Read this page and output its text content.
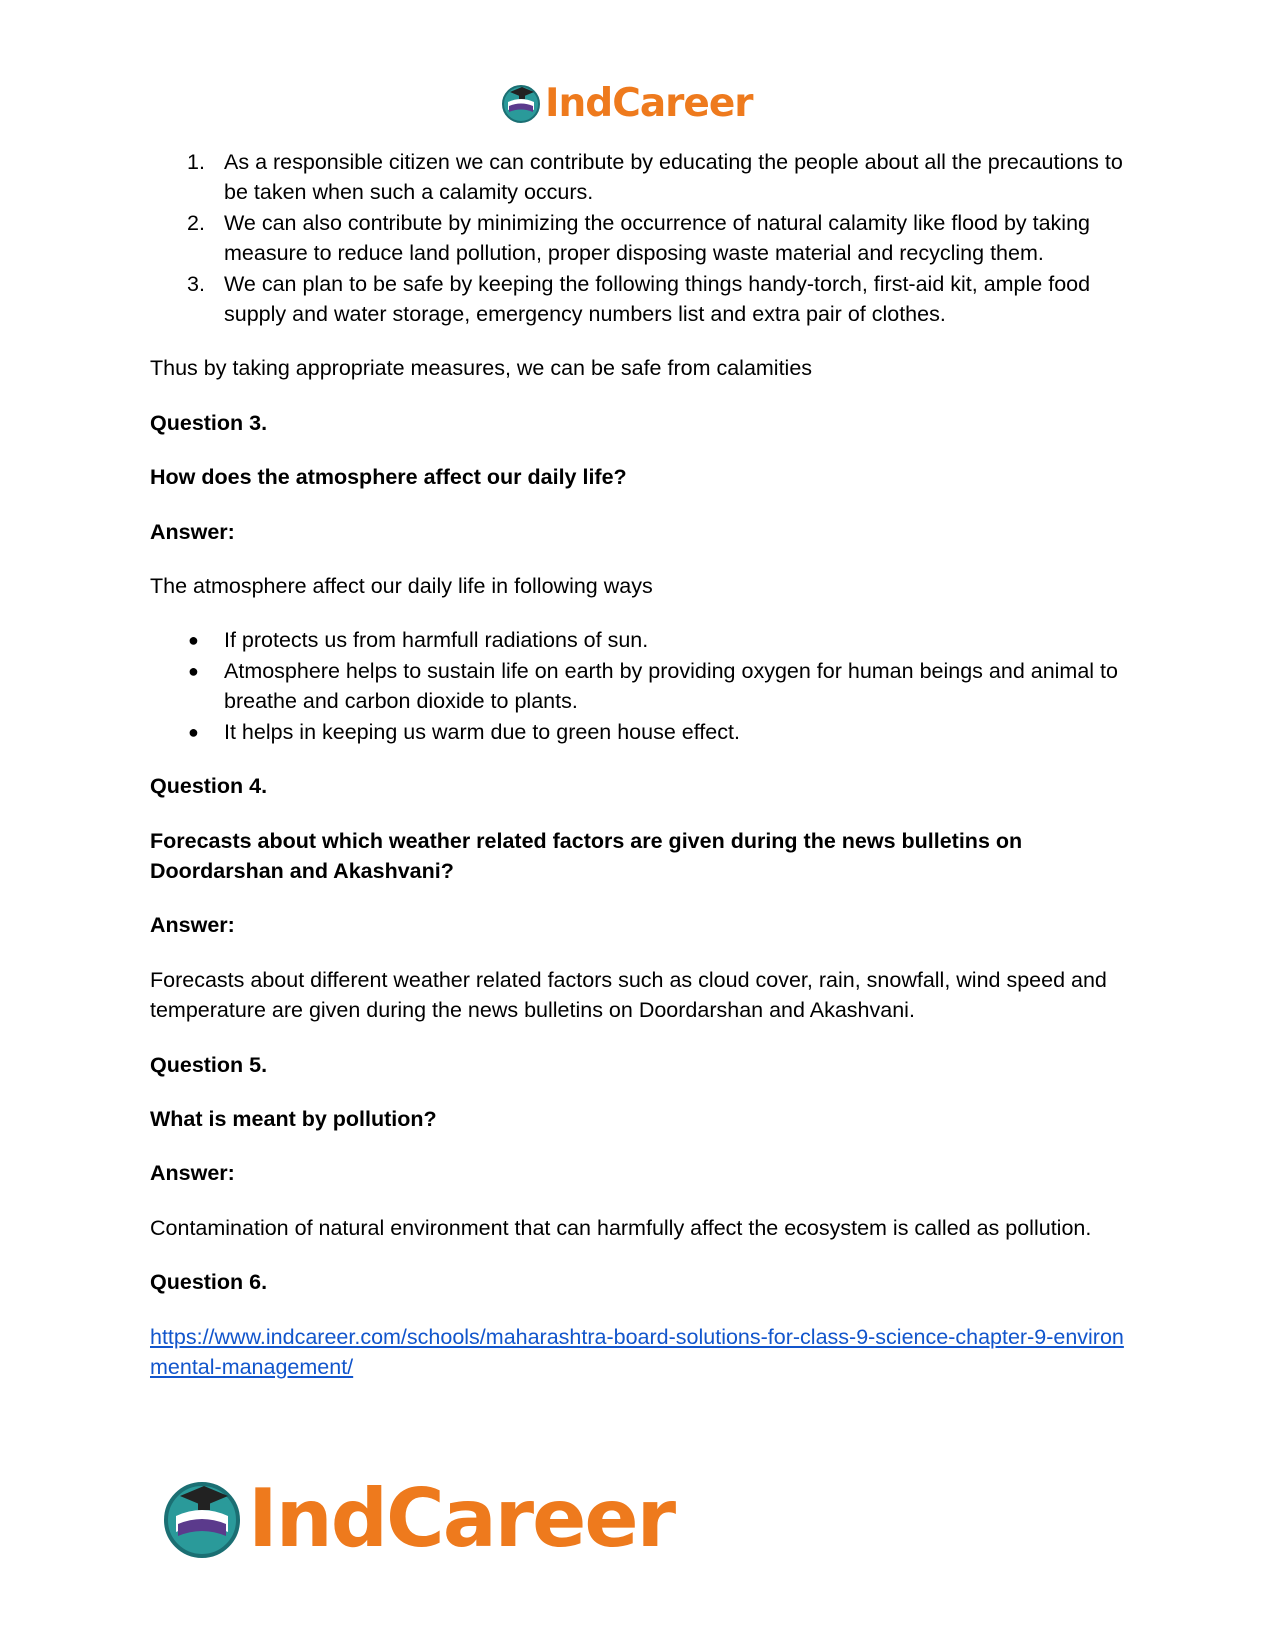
IndCareer
1. As a responsible citizen we can contribute by educating the people about all the precautions to be taken when such a calamity occurs.
2. We can also contribute by minimizing the occurrence of natural calamity like flood by taking measure to reduce land pollution, proper disposing waste material and recycling them.
3. We can plan to be safe by keeping the following things handy-torch, first-aid kit, ample food supply and water storage, emergency numbers list and extra pair of clothes.

Thus by taking appropriate measures, we can be safe from calamities

Question 3.

How does the atmosphere affect our daily life?

Answer:

The atmosphere affect our daily life in following ways

● If protects us from harmfull radiations of sun.
● Atmosphere helps to sustain life on earth by providing oxygen for human beings and animal to breathe and carbon dioxide to plants.
● It helps in keeping us warm due to green house effect.

Question 4.

Forecasts about which weather related factors are given during the news bulletins on Doordarshan and Akashvani?

Answer:

Forecasts about different weather related factors such as cloud cover, rain, snowfall, wind speed and temperature are given during the news bulletins on Doordarshan and Akashvani.

Question 5.

What is meant by pollution?

Answer:

Contamination of natural environment that can harmfully affect the ecosystem is called as pollution.

Question 6.

https://www.indcareer.com/schools/maharashtra-board-solutions-for-class-9-science-chapter-9-environmental-management/

IndCareer
